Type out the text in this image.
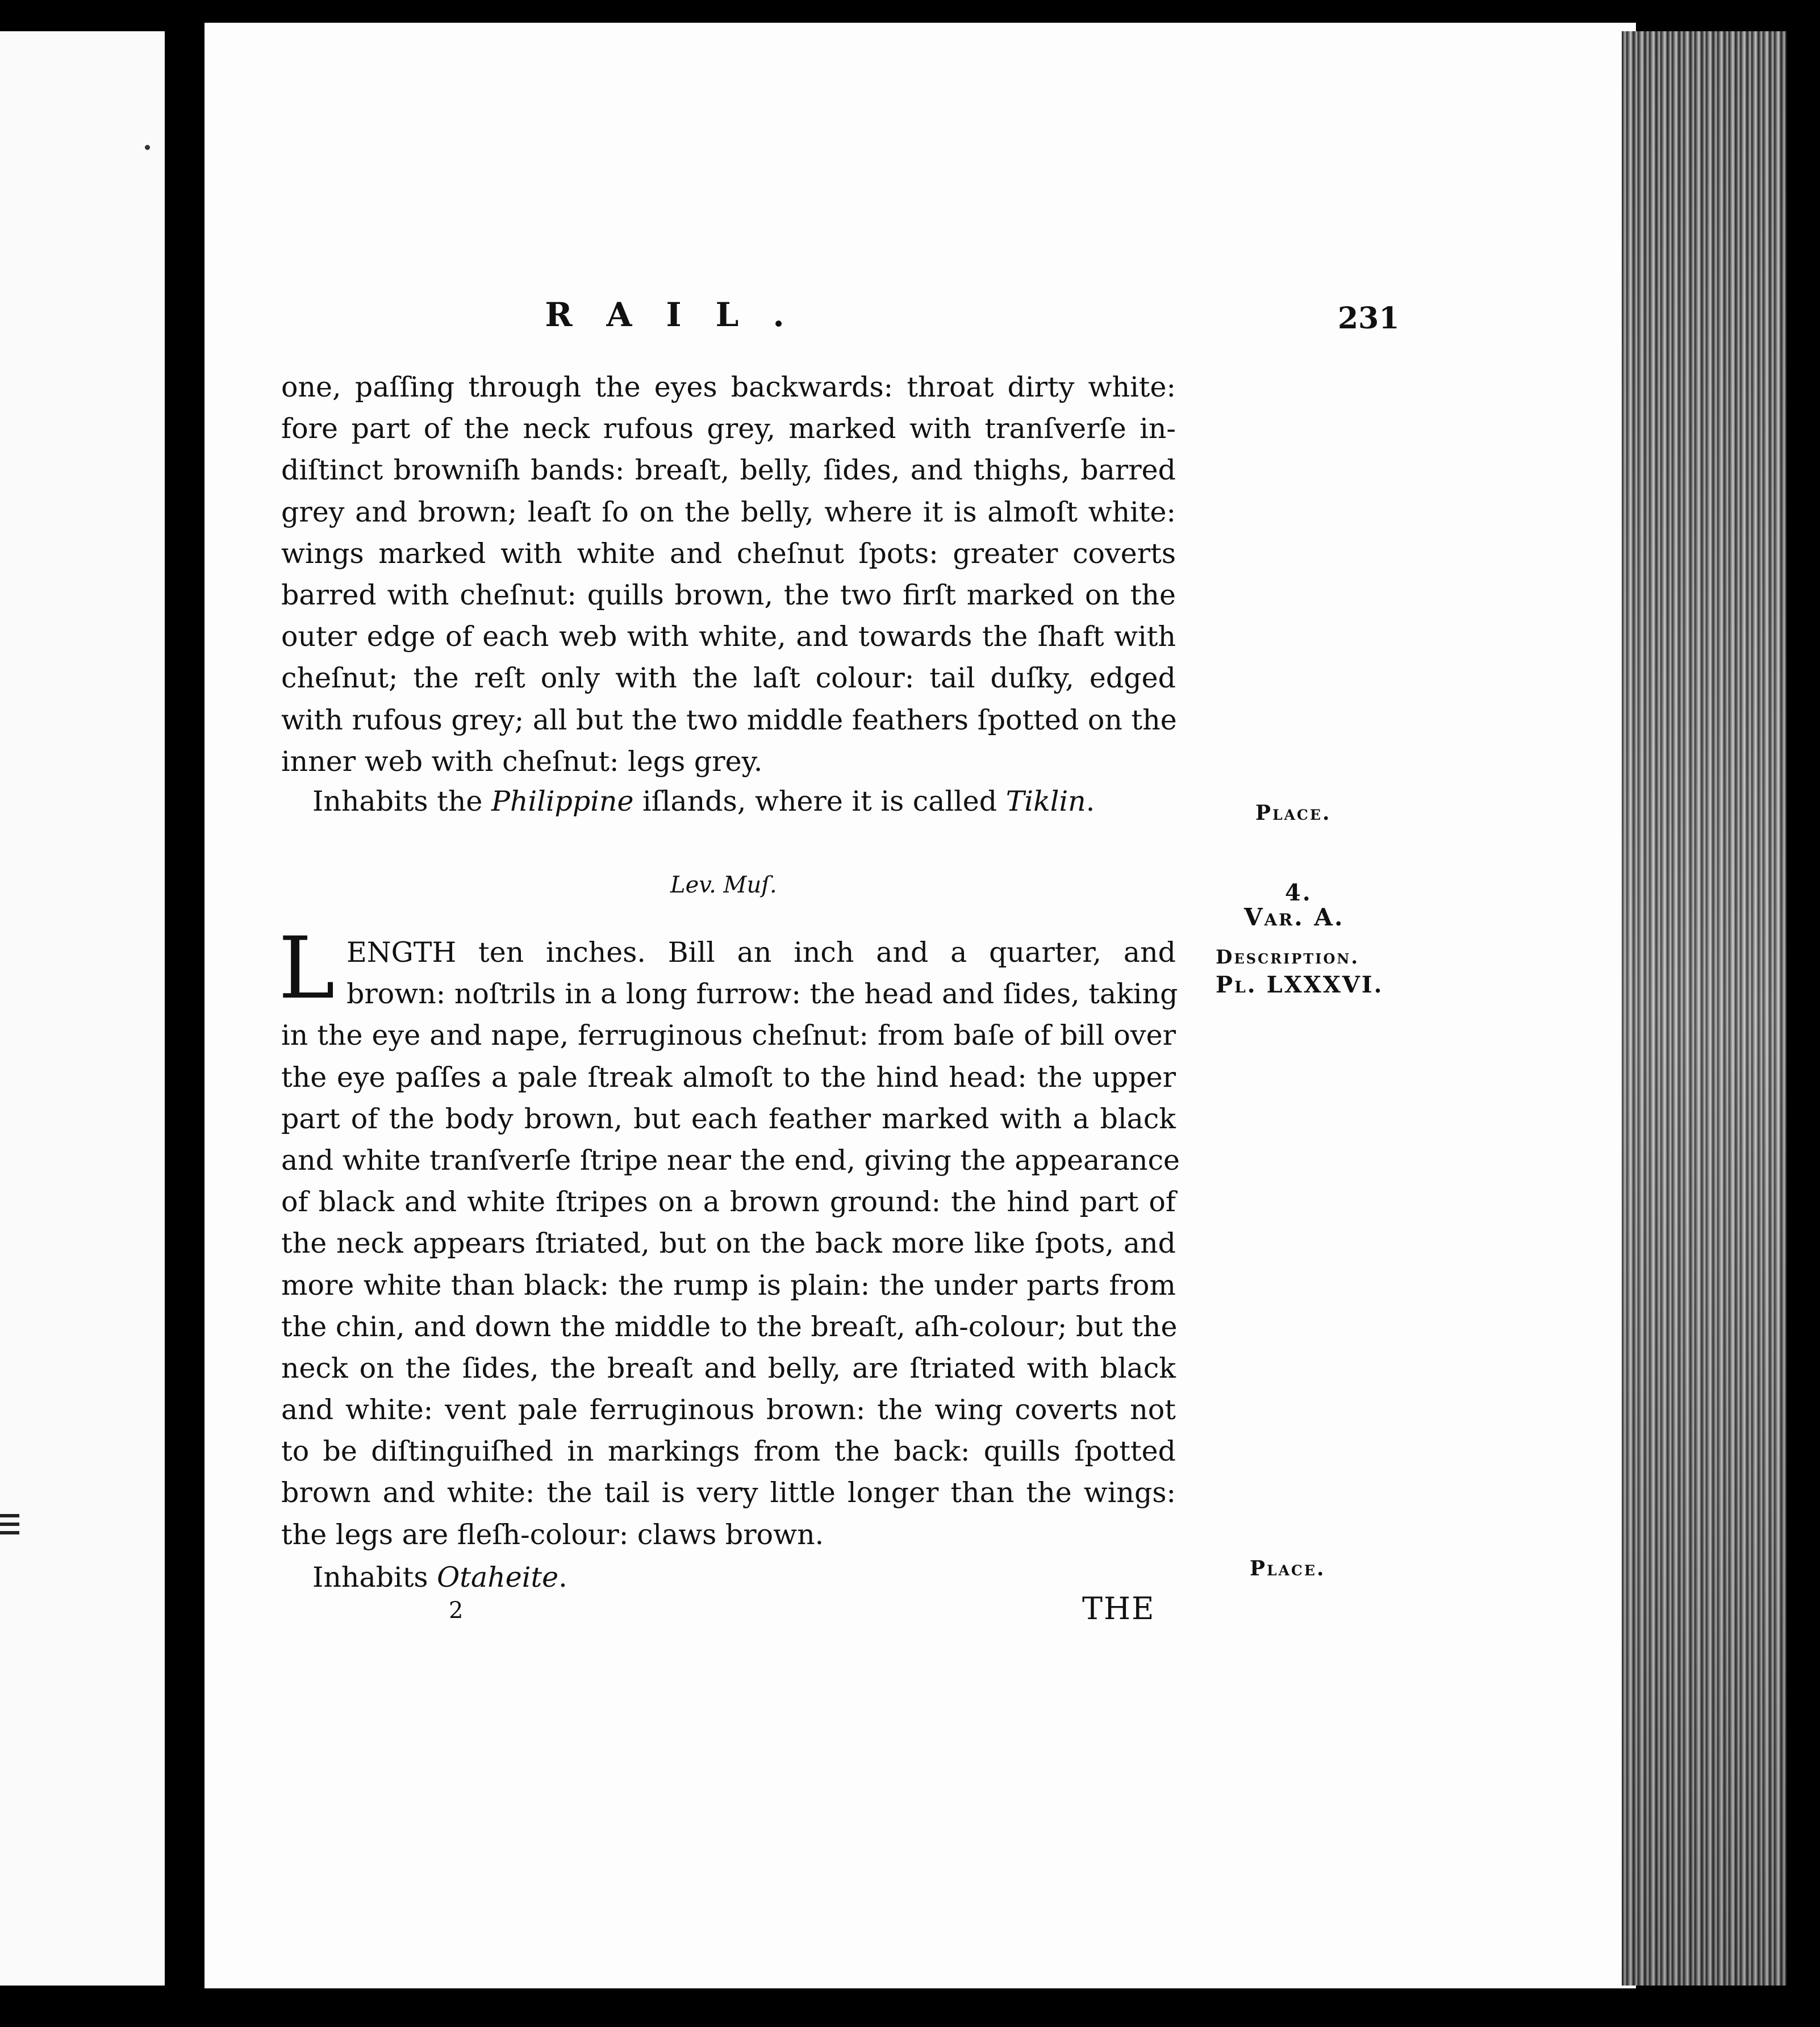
RAIL.	231
one, paſſing through the eyes backwards: throat dirty white:
fore part of the neck rufous grey, marked with tranſverſe in-
diſtinct browniſh bands: breaſt, belly, ſides, and thighs, barred
grey and brown; leaſt ſo on the belly, where it is almoſt white:
wings marked with white and cheſnut ſpots: greater coverts
barred with cheſnut: quills brown, the two firſt marked on the
outer edge of each web with white, and towards the ſhaft with
cheſnut; the reſt only with the laſt colour: tail duſky, edged
with rufous grey; all but the two middle feathers ſpotted on the
inner web with cheſnut: legs grey.
Inhabits the Philippine iſlands, where it is called Tiklin.
Lev. Muſ.
L ENGTH ten inches. Bill an inch and a quarter, and
brown: noſtrils in a long furrow: the head and ſides, taking
in the eye and nape, ferruginous cheſnut: from baſe of bill over
the eye paſſes a pale ſtreak almoſt to the hind head: the upper
part of the body brown, but each feather marked with a black
and white tranſverſe ſtripe near the end, giving the appearance
of black and white ſtripes on a brown ground: the hind part of
the neck appears ſtriated, but on the back more like ſpots, and
more white than black: the rump is plain: the under parts from
the chin, and down the middle to the breaſt, aſh-colour; but the
neck on the ſides, the breaſt and belly, are ſtriated with black
and white: vent pale ferruginous brown: the wing coverts not
to be diſtinguiſhed in markings from the back: quills ſpotted
brown and white: the tail is very little longer than the wings:
the legs are fleſh-colour: claws brown.
Inhabits Otaheite.
Place.
4.
Var. A.
Description.
Pl. LXXXVI.
Place.
2	THE
